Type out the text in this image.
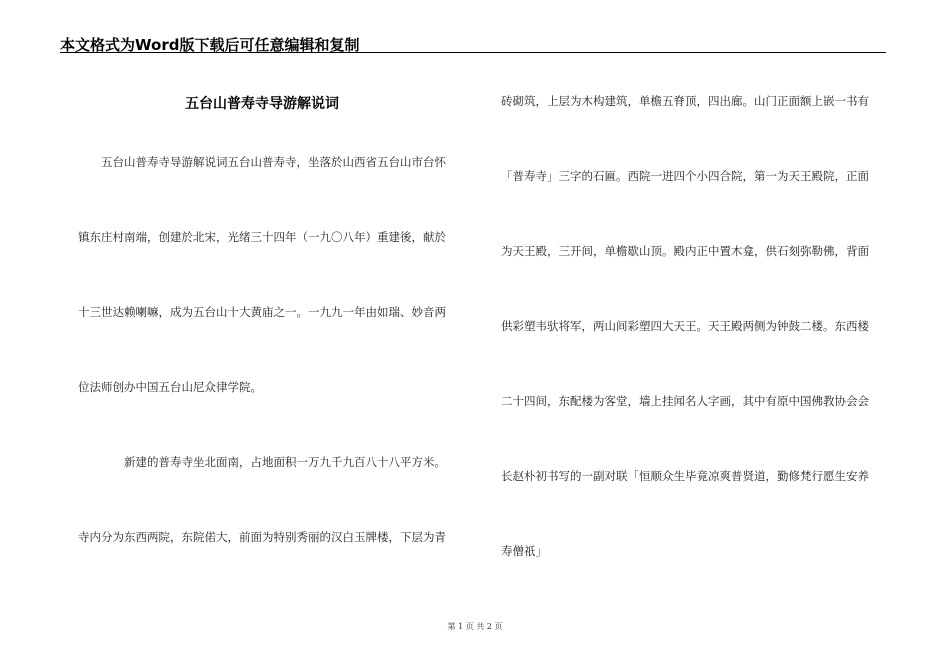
本文格式为Word版下载后可任意编辑和复制
五台山普寿寺导游解说词
五台山普寿寺导游解说词五台山普寿寺，坐落於山西省五台山市台怀
镇东庄村南端，创建於北宋，光绪三十四年（一九〇八年）重建後，献於
十三世达赖喇嘛，成为五台山十大黄庙之一。一九九一年由如瑞、妙音两
位法师创办中国五台山尼众律学院。
新建的普寿寺坐北面南，占地面积一万九千九百八十八平方米。
寺内分为东西两院，东院偌大，前面为特别秀丽的汉白玉牌楼，下层为青
砖砌筑，上层为木构建筑，单檐五脊顶，四出廊。山门正面额上嵌一书有
「普寿寺」三字的石匾。西院一进四个小四合院，第一为天王殿院，正面
为天王殿，三开间，单檐歇山顶。殿内正中置木龛，供石刻弥勒佛，背面
供彩塑韦驮将军，两山间彩塑四大天王。天王殿两侧为钟鼓二楼。东西楼
二十四间，东配楼为客堂，墙上挂闻名人字画，其中有原中国佛教协会会
长赵朴初书写的一副对联「恒顺众生毕竟凉爽普贤道，勤修梵行愿生安养
寿僧祇」
第 1 页 共 2 页
